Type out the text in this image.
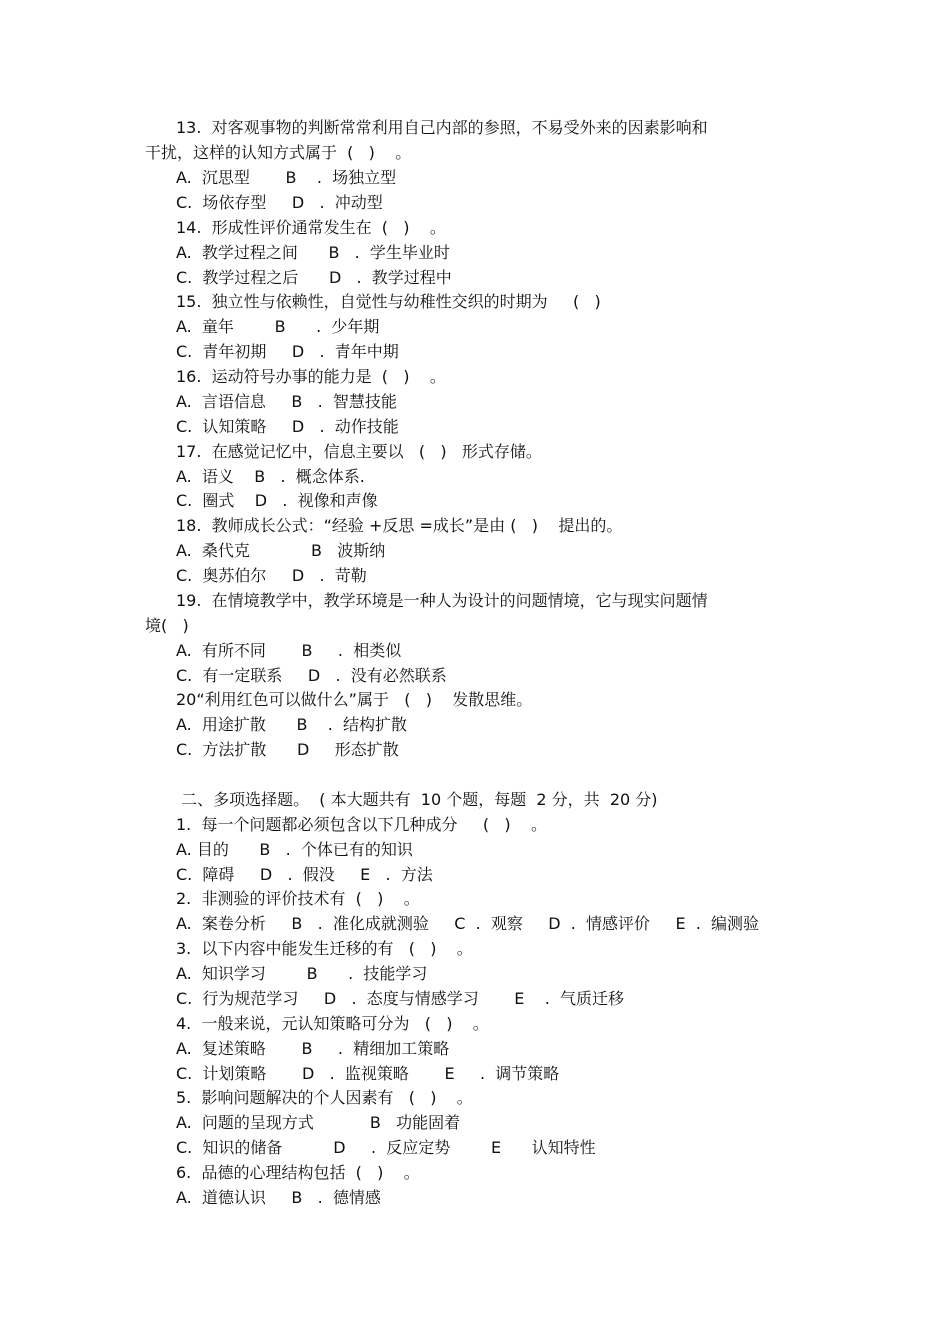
13.  对客观事物的判断常常利用自己内部的参照，不易受外来的因素影响和
干扰，这样的认知方式属于  (   )    。
A.  沉思型       B    .  场独立型
C.  场依存型     D   .  冲动型
14.  形成性评价通常发生在  (   )    。
A.  教学过程之间      B   .  学生毕业时
C.  教学过程之后      D   .  教学过程中
15.  独立性与依赖性，自觉性与幼稚性交织的时期为     (   )
A.  童年        B      .  少年期
C.  青年初期     D   .  青年中期
16.  运动符号办事的能力是  (   )    。
A.  言语信息     B   .  智慧技能
C.  认知策略     D   .  动作技能
17.  在感觉记忆中，信息主要以   (   )   形式存储。
A.  语义    B   .  概念体系.
C.  圈式    D   .  视像和声像
18.  教师成长公式：“经验 +反思 =成长”是由 (   )    提出的。
A.  桑代克            B   波斯纳
C.  奥苏伯尔     D   .  苛勒
19.  在情境教学中，教学环境是一种人为设计的问题情境，它与现实问题情
境(   )
A.  有所不同       B     .  相类似
C.  有一定联系     D   .  没有必然联系
20“利用红色可以做什么”属于   (   )    发散思维。
A.  用途扩散      B    .  结构扩散
C.  方法扩散      D     形态扩散
二、多项选择题。  ( 本大题共有  10 个题，每题  2 分，共  20 分)
1.  每一个问题都必须包含以下几种成分     (   )    。
A. 目的      B   .  个体已有的知识
C.  障碍     D   .  假没     E   .  方法
2.  非测验的评价技术有  (   )    。
A.  案卷分析     B   .  准化成就测验     C  .  观察     D  .  情感评价     E  .  编测验
3.  以下内容中能发生迁移的有   (   )    。
A.  知识学习        B      .  技能学习
C.  行为规范学习     D   .  态度与情感学习       E    .  气质迁移
4.  一般来说，元认知策略可分为   (   )    。
A.  复述策略       B     .  精细加工策略
C.  计划策略       D   .  监视策略       E     .  调节策略
5.  影响问题解决的个人因素有   (   )    。
A.  问题的呈现方式           B   功能固着
C.  知识的储备          D     .  反应定势        E      认知特性
6.  品德的心理结构包括  (   )    。
A.  道德认识     B   .  德情感
